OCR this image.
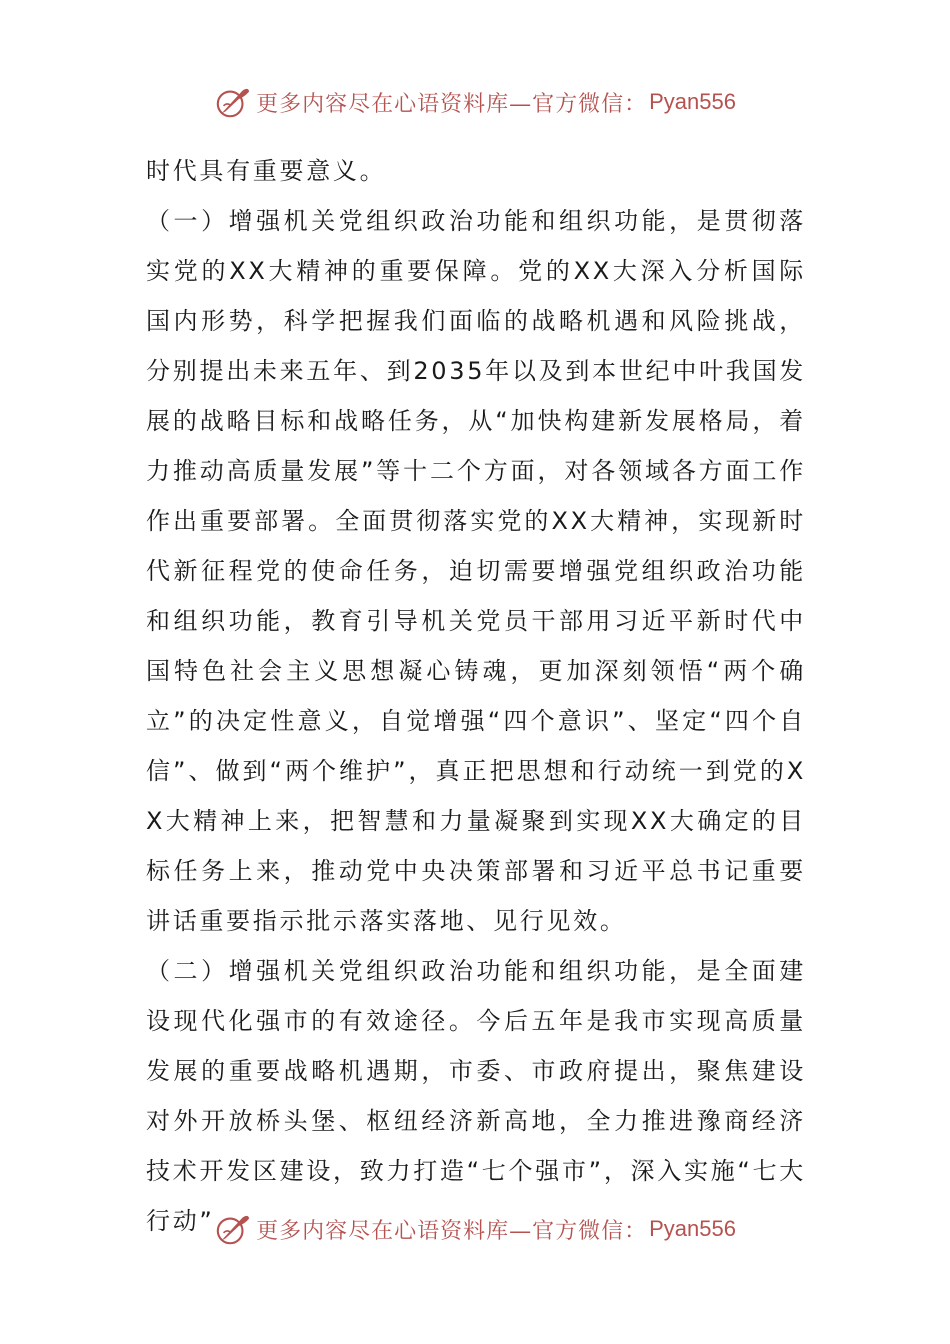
更多内容尽在心语资料库—官方微信： Pyan556

时代具有重要意义。

（一）增强机关党组织政治功能和组织功能，是贯彻落实党的XX大精神的重要保障。党的XX大深入分析国际国内形势，科学把握我们面临的战略机遇和风险挑战，分别提出未来五年、到2035年以及到本世纪中叶我国发展的战略目标和战略任务，从“加快构建新发展格局，着力推动高质量发展”等十二个方面，对各领域各方面工作作出重要部署。全面贯彻落实党的XX大精神，实现新时代新征程党的使命任务，迫切需要增强党组织政治功能和组织功能，教育引导机关党员干部用习近平新时代中国特色社会主义思想凝心铸魂，更加深刻领悟“两个确立”的决定性意义，自觉增强“四个意识”、坚定“四个自信”、做到“两个维护”，真正把思想和行动统一到党的XX大精神上来，把智慧和力量凝聚到实现XX大确定的目标任务上来，推动党中央决策部署和习近平总书记重要讲话重要指示批示落实落地、见行见效。

（二）增强机关党组织政治功能和组织功能，是全面建设现代化强市的有效途径。今后五年是我市实现高质量发展的重要战略机遇期，市委、市政府提出，聚焦建设对外开放桥头堡、枢纽经济新高地，全力推进豫商经济技术开发区建设，致力打造“七个强市”，深入实施“七大行动”	更多内容尽在心语资料库—官方微信： Pyan556
